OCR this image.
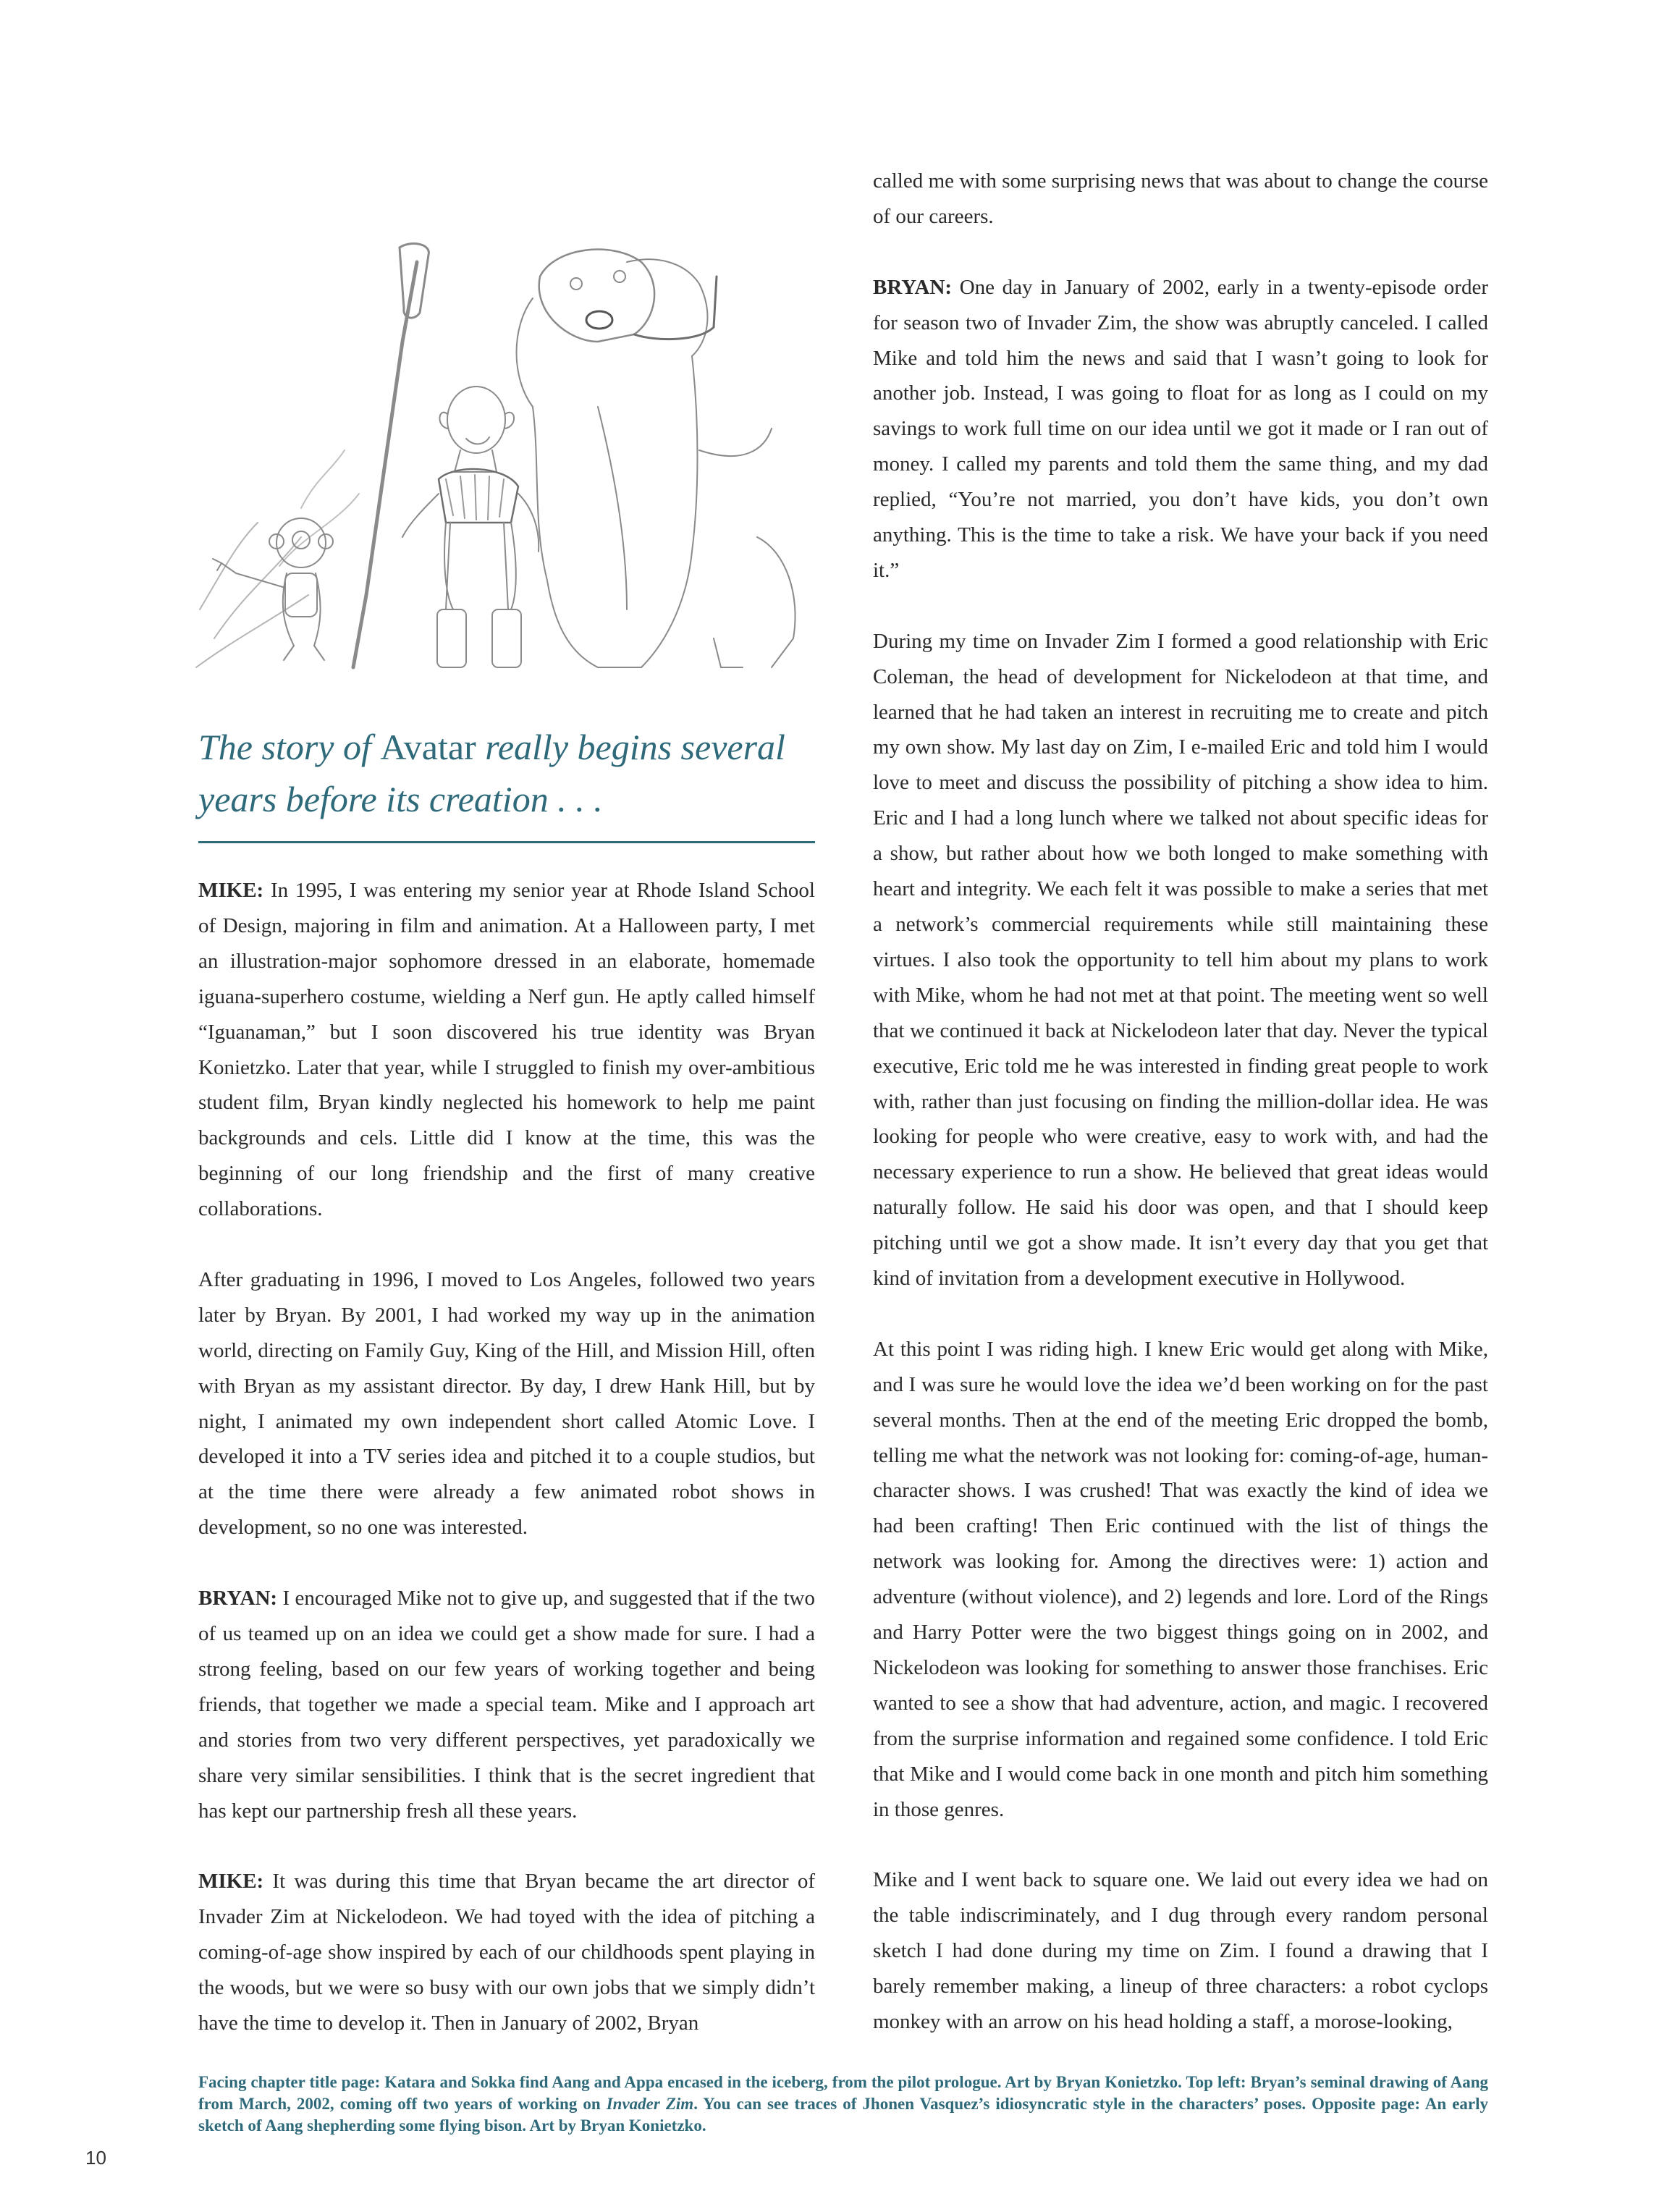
The story of Avatar really begins several years before its creation . . .

MIKE: In 1995, I was entering my senior year at Rhode Island School of Design, majoring in film and animation. At a Halloween party, I met an illustration-major sophomore dressed in an elaborate, homemade iguana-superhero costume, wielding a Nerf gun. He aptly called himself “Iguanaman,” but I soon discovered his true identity was Bryan Konietzko. Later that year, while I struggled to finish my over-ambitious student film, Bryan kindly neglected his homework to help me paint backgrounds and cels. Little did I know at the time, this was the beginning of our long friendship and the first of many creative collaborations.

After graduating in 1996, I moved to Los Angeles, followed two years later by Bryan. By 2001, I had worked my way up in the animation world, directing on Family Guy, King of the Hill, and Mission Hill, often with Bryan as my assistant director. By day, I drew Hank Hill, but by night, I animated my own independent short called Atomic Love. I developed it into a TV series idea and pitched it to a couple studios, but at the time there were already a few animated robot shows in development, so no one was interested.

BRYAN: I encouraged Mike not to give up, and suggested that if the two of us teamed up on an idea we could get a show made for sure. I had a strong feeling, based on our few years of working together and being friends, that together we made a special team. Mike and I approach art and stories from two very different perspectives, yet paradoxically we share very similar sensibilities. I think that is the secret ingredient that has kept our partnership fresh all these years.

MIKE: It was during this time that Bryan became the art director of Invader Zim at Nickelodeon. We had toyed with the idea of pitching a coming-of-age show inspired by each of our childhoods spent playing in the woods, but we were so busy with our own jobs that we simply didn’t have the time to develop it. Then in January of 2002, Bryan

called me with some surprising news that was about to change the course of our careers.

BRYAN: One day in January of 2002, early in a twenty-episode order for season two of Invader Zim, the show was abruptly canceled. I called Mike and told him the news and said that I wasn’t going to look for another job. Instead, I was going to float for as long as I could on my savings to work full time on our idea until we got it made or I ran out of money. I called my parents and told them the same thing, and my dad replied, “You’re not married, you don’t have kids, you don’t own anything. This is the time to take a risk. We have your back if you need it.”

During my time on Invader Zim I formed a good relationship with Eric Coleman, the head of development for Nickelodeon at that time, and learned that he had taken an interest in recruiting me to create and pitch my own show. My last day on Zim, I e-mailed Eric and told him I would love to meet and discuss the possibility of pitching a show idea to him. Eric and I had a long lunch where we talked not about specific ideas for a show, but rather about how we both longed to make something with heart and integrity. We each felt it was possible to make a series that met a network’s commercial requirements while still maintaining these virtues. I also took the opportunity to tell him about my plans to work with Mike, whom he had not met at that point. The meeting went so well that we continued it back at Nickelodeon later that day. Never the typical executive, Eric told me he was interested in finding great people to work with, rather than just focusing on finding the million-dollar idea. He was looking for people who were creative, easy to work with, and had the necessary experience to run a show. He believed that great ideas would naturally follow. He said his door was open, and that I should keep pitching until we got a show made. It isn’t every day that you get that kind of invitation from a development executive in Hollywood.

At this point I was riding high. I knew Eric would get along with Mike, and I was sure he would love the idea we’d been working on for the past several months. Then at the end of the meeting Eric dropped the bomb, telling me what the network was not looking for: coming-of-age, human-character shows. I was crushed! That was exactly the kind of idea we had been crafting! Then Eric continued with the list of things the network was looking for. Among the directives were: 1) action and adventure (without violence), and 2) legends and lore. Lord of the Rings and Harry Potter were the two biggest things going on in 2002, and Nickelodeon was looking for something to answer those franchises. Eric wanted to see a show that had adventure, action, and magic. I recovered from the surprise information and regained some confidence. I told Eric that Mike and I would come back in one month and pitch him something in those genres.

Mike and I went back to square one. We laid out every idea we had on the table indiscriminately, and I dug through every random personal sketch I had done during my time on Zim. I found a drawing that I barely remember making, a lineup of three characters: a robot cyclops monkey with an arrow on his head holding a staff, a morose-looking,

Facing chapter title page: Katara and Sokka find Aang and Appa encased in the iceberg, from the pilot prologue. Art by Bryan Konietzko. Top left: Bryan’s seminal drawing of Aang from March, 2002, coming off two years of working on Invader Zim. You can see traces of Jhonen Vasquez’s idiosyncratic style in the characters’ poses. Opposite page: An early sketch of Aang shepherding some flying bison. Art by Bryan Konietzko.

10
